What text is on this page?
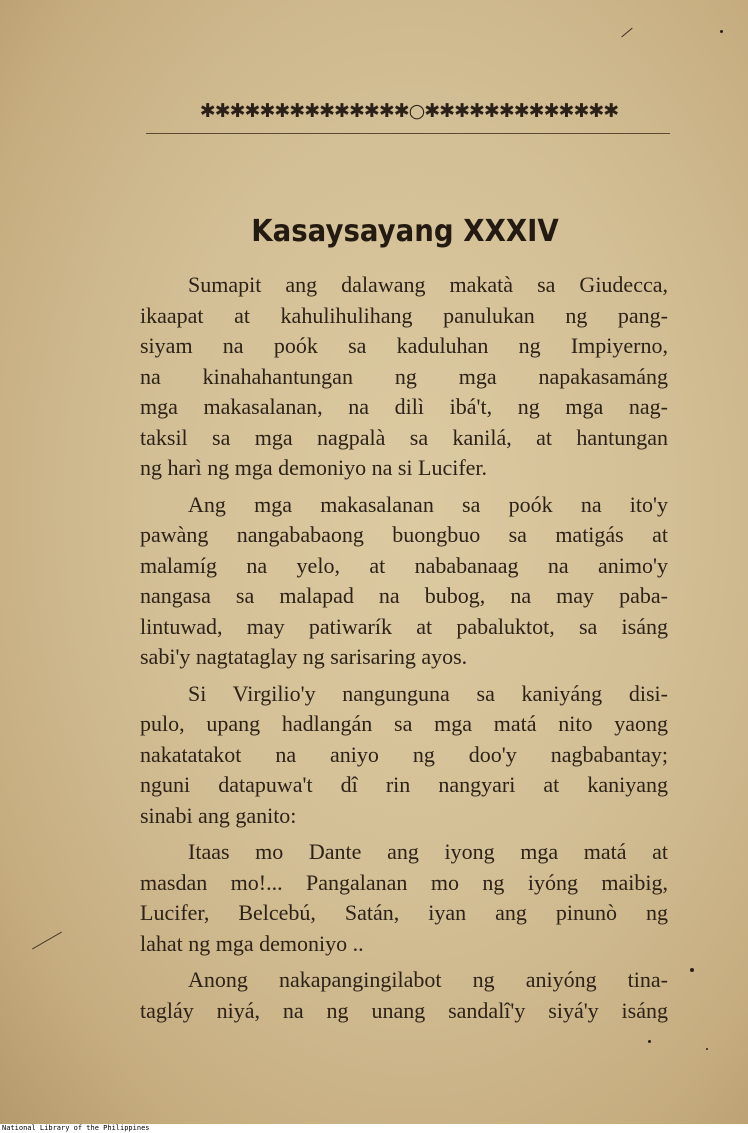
✱✱✱✱✱✱✱✱✱✱✱✱✱✱○✱✱✱✱✱✱✱✱✱✱✱✱✱
Kasaysayang XXXIV

Sumapit ang dalawang makatà sa Giudecca,
ikaapat at kahulihulihang panulukan ng pang-
siyam na poók sa kaduluhan ng Impiyerno,
na kinahahantungan ng mga napakasamáng
mga makasalanan, na dilì ibá't, ng mga nag-
taksil sa mga nagpalà sa kanilá, at hantungan
ng harì ng mga demoniyo na si Lucifer.

Ang mga makasalanan sa poók na ito'y
pawàng nangababaong buongbuo sa matigás at
malamíg na yelo, at nababanaag na animo'y
nangasa sa malapad na bubog, na may paba-
lintuwad, may patiwarík at pabaluktot, sa isáng
sabi'y nagtataglay ng sarisaring ayos.

Si Virgilio'y nangunguna sa kaniyáng disi-
pulo, upang hadlangán sa mga matá nito yaong
nakatatakot na aniyo ng doo'y nagbabantay;
nguni datapuwa't dî rin nangyari at kaniyang
sinabi ang ganito:

Itaas mo Dante ang iyong mga matá at
masdan mo!... Pangalanan mo ng iyóng maibig,
Lucifer, Belcebú, Satán, iyan ang pinunò ng
lahat ng mga demoniyo ..

Anong nakapangingilabot ng aniyóng tina-
tagláy niyá, na ng unang sandalî'y siyá'y isáng

National Library of the Philippines
